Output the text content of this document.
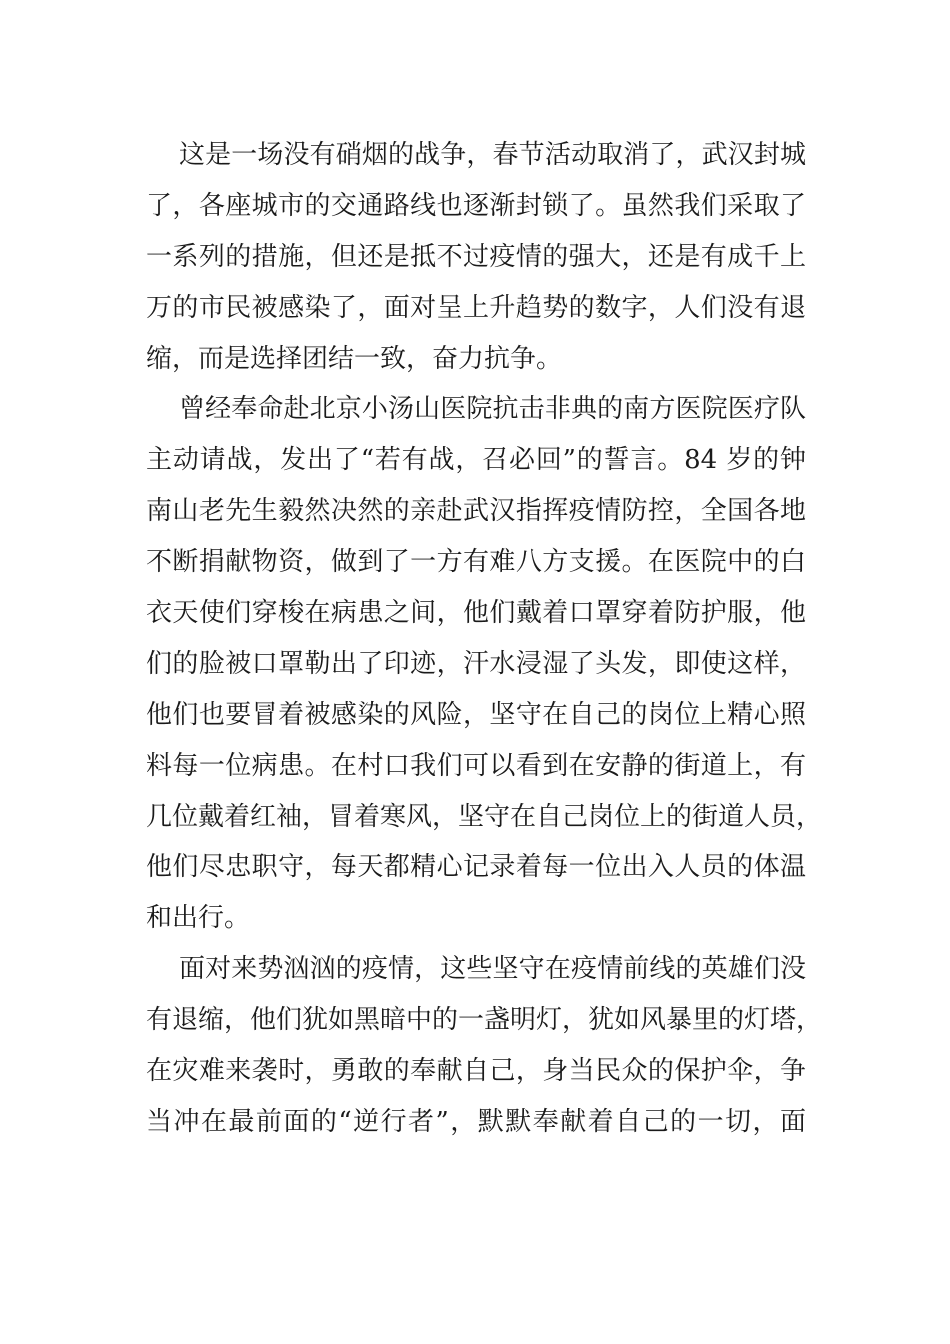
这是一场没有硝烟的战争，春节活动取消了，武汉封城
了，各座城市的交通路线也逐渐封锁了。虽然我们采取了
一系列的措施，但还是抵不过疫情的强大，还是有成千上
万的市民被感染了，面对呈上升趋势的数字，人们没有退
缩，而是选择团结一致，奋力抗争。
曾经奉命赴北京小汤山医院抗击非典的南方医院医疗队
主动请战，发出了“若有战，召必回”的誓言。84 岁的钟
南山老先生毅然决然的亲赴武汉指挥疫情防控，全国各地
不断捐献物资，做到了一方有难八方支援。在医院中的白
衣天使们穿梭在病患之间，他们戴着口罩穿着防护服，他
们的脸被口罩勒出了印迹，汗水浸湿了头发，即使这样，
他们也要冒着被感染的风险，坚守在自己的岗位上精心照
料每一位病患。在村口我们可以看到在安静的街道上，有
几位戴着红袖，冒着寒风，坚守在自己岗位上的街道人员，
他们尽忠职守，每天都精心记录着每一位出入人员的体温
和出行。
面对来势汹汹的疫情，这些坚守在疫情前线的英雄们没
有退缩，他们犹如黑暗中的一盏明灯，犹如风暴里的灯塔，
在灾难来袭时，勇敢的奉献自己，身当民众的保护伞，争
当冲在最前面的“逆行者”，默默奉献着自己的一切，面
